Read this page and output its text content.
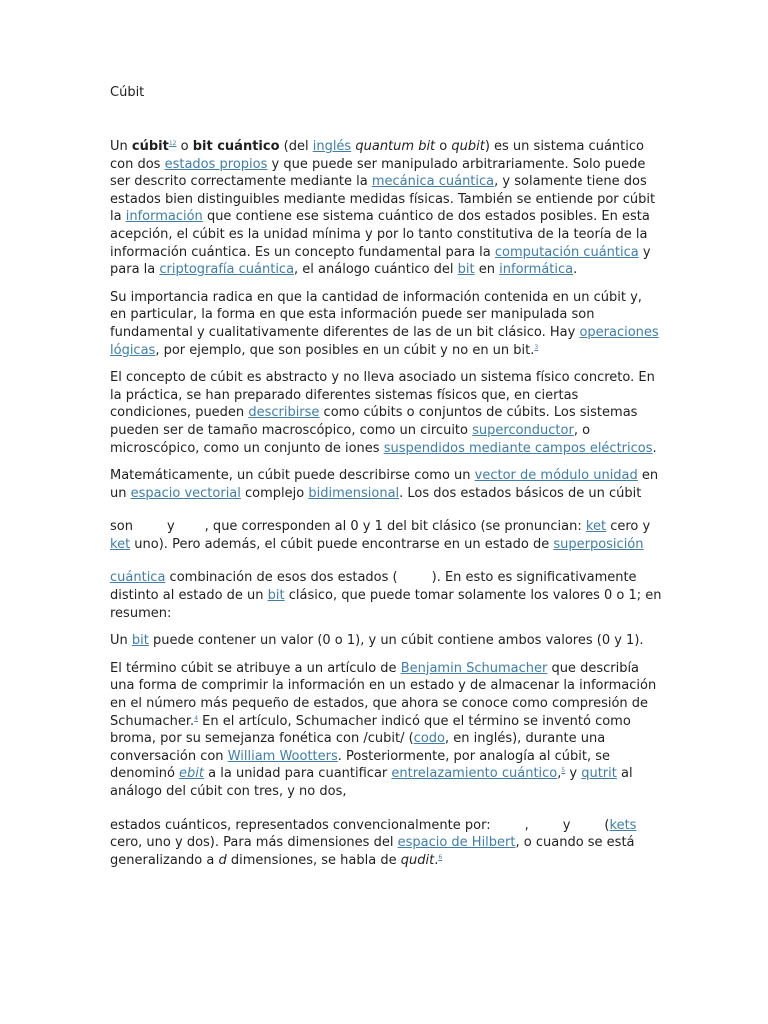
Cúbit

Un cúbit$^{12}$ o bit cuántico (del inglés quantum bit o qubit) es un sistema cuántico con dos estados propios y que puede ser manipulado arbitrariamente. Solo puede ser descrito correctamente mediante la mecánica cuántica, y solamente tiene dos estados bien distinguibles mediante medidas físicas. También se entiende por cúbit la información que contiene ese sistema cuántico de dos estados posibles. En esta acepción, el cúbit es la unidad mínima y por lo tanto constitutiva de la teoría de la información cuántica. Es un concepto fundamental para la computación cuántica y para la criptografía cuántica, el análogo cuántico del bit en informática.

Su importancia radica en que la cantidad de información contenida en un cúbit y, en particular, la forma en que esta información puede ser manipulada son fundamental y cualitativamente diferentes de las de un bit clásico. Hay operaciones lógicas, por ejemplo, que son posibles en un cúbit y no en un bit.$^3$

El concepto de cúbit es abstracto y no lleva asociado un sistema físico concreto. En la práctica, se han preparado diferentes sistemas físicos que, en ciertas condiciones, pueden describirse como cúbits o conjuntos de cúbits. Los sistemas pueden ser de tamaño macroscópico, como un circuito superconductor, o microscópico, como un conjunto de iones suspendidos mediante campos eléctricos.

Matemáticamente, un cúbit puede describirse como un vector de módulo unidad en un espacio vectorial complejo bidimensional. Los dos estados básicos de un cúbit

son	y , que corresponden al 0 y 1 del bit clásico (se pronuncian: ket cero y ket uno). Pero además, el cúbit puede encontrarse en un estado de superposición

cuántica combinación de esos dos estados (	). En esto es significativamente distinto al estado de un bit clásico, que puede tomar solamente los valores 0 o 1; en resumen:

Un bit puede contener un valor (0 o 1), y un cúbit contiene ambos valores (0 y 1).

El término cúbit se atribuye a un artículo de Benjamin Schumacher que describía una forma de comprimir la información en un estado y de almacenar la información en el número más pequeño de estados, que ahora se conoce como compresión de Schumacher.$^4$ En el artículo, Schumacher indicó que el término se inventó como broma, por su semejanza fonética con /cubit/ (codo, en inglés), durante una conversación con William Wootters. Posteriormente, por analogía al cúbit, se denominó ebit a la unidad para cuantificar entrelazamiento cuántico,$^5$ y qutrit al análogo del cúbit con tres, y no dos,

estados cuánticos, representados convencionalmente por:	,	y	(kets cero, uno y dos). Para más dimensiones del espacio de Hilbert, o cuando se está generalizando a d dimensiones, se habla de qudit.$^6$
